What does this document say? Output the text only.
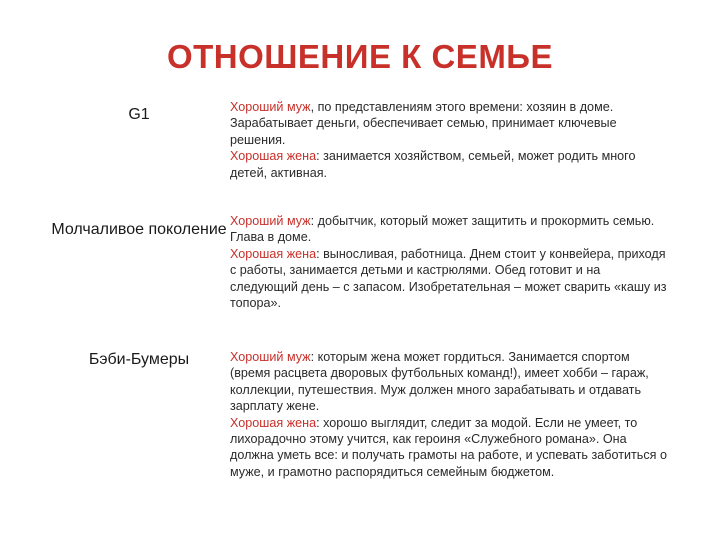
ОТНОШЕНИЕ К СЕМЬЕ
G1	Хороший муж, по представлениям этого времени: хозяин в доме. Зарабатывает деньги, обеспечивает семью, принимает ключевые решения.
Хорошая жена: занимается хозяйством, семьей, может родить много детей, активная.
Молчаливое поколение Хороший муж: добытчик, который может защитить и прокормить семью. Глава в доме.
Хорошая жена: выносливая, работница. Днем стоит у конвейера, приходя с работы, занимается детьми и кастрюлями. Обед готовит и на следующий день – с запасом. Изобретательная – может сварить «кашу из топора».
Бэби-Бумеры	Хороший муж: которым жена может гордиться. Занимается спортом (время расцвета дворовых футбольных команд!), имеет хобби – гараж, коллекции, путешествия. Муж должен много зарабатывать и отдавать зарплату жене.
Хорошая жена: хорошо выглядит, следит за модой. Если не умеет, то лихорадочно этому учится, как героиня «Служебного романа». Она должна уметь все: и получать грамоты на работе, и успевать заботиться о муже, и грамотно распорядиться семейным бюджетом.
